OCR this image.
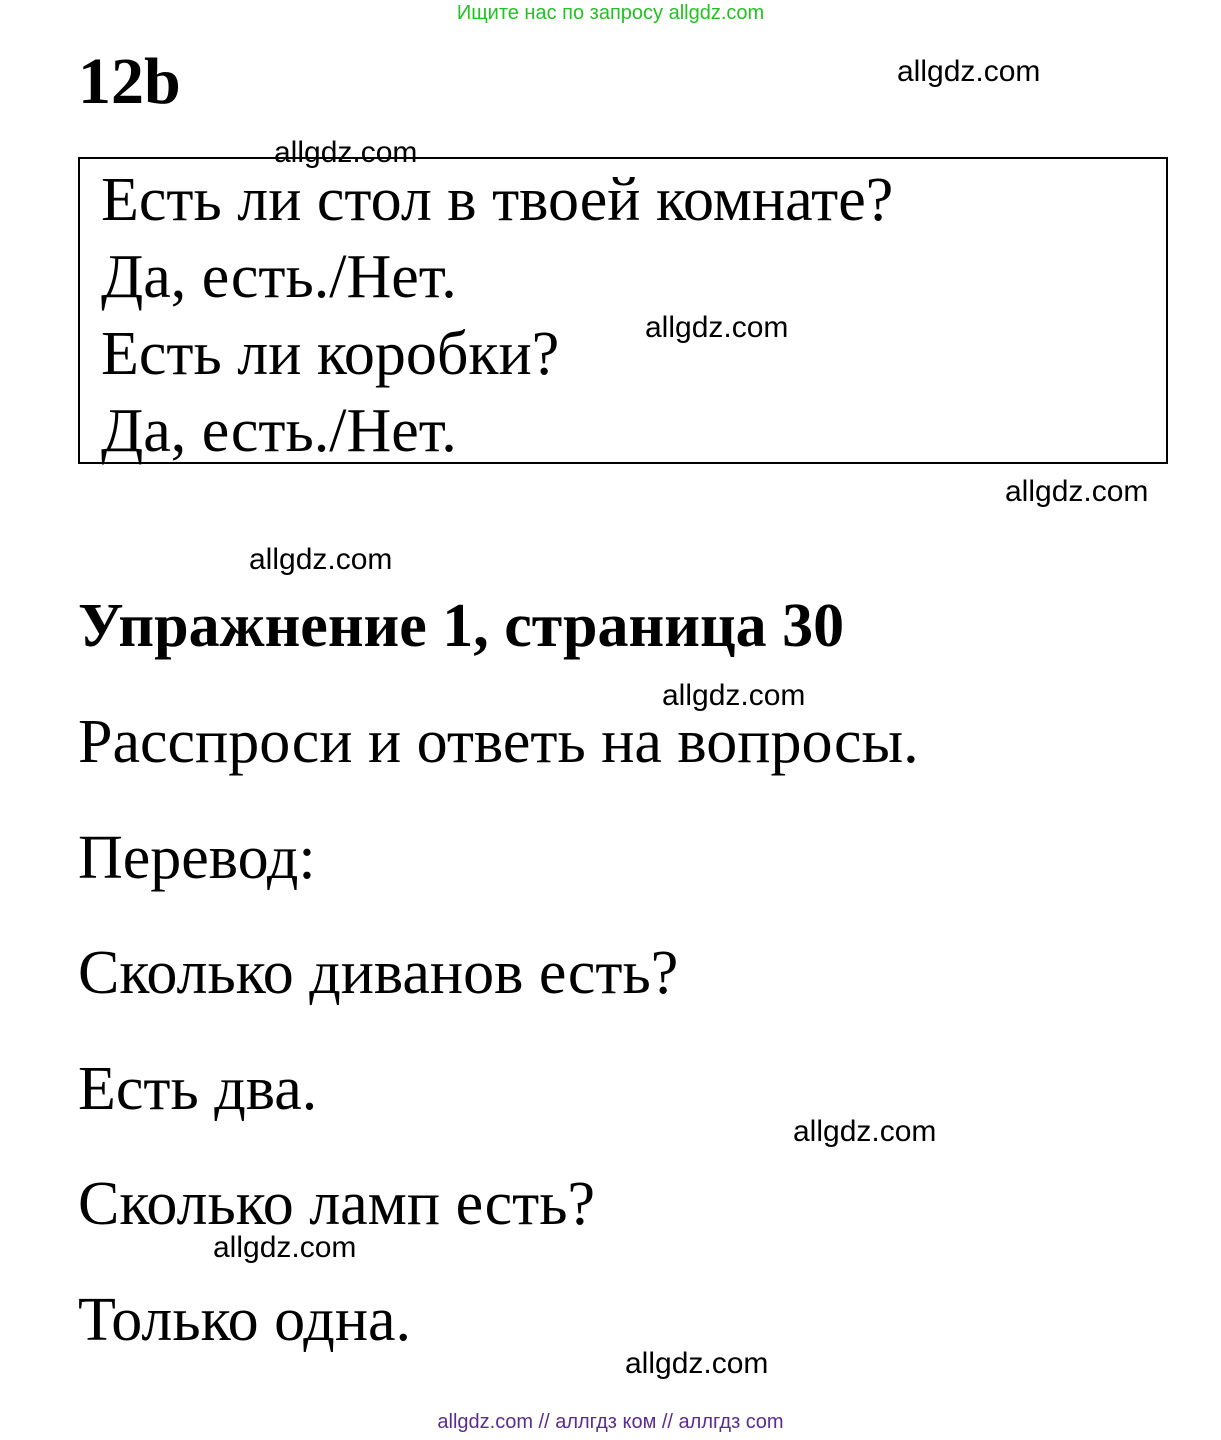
Ищите нас по запросу allgdz.com
12b	allgdz.com
allgdz.com
Есть ли стол в твоей комнате?
Да, есть./Нет.
Есть ли коробки?	allgdz.com
Да, есть./Нет.
allgdz.com
allgdz.com
Упражнение 1, страница 30
allgdz.com
Расспроси и ответь на вопросы.
Перевод:
Сколько диванов есть?
Есть два.
allgdz.com
Сколько ламп есть?
allgdz.com
Только одна.
allgdz.com
allgdz.com // аллгдз ком // аллгдз com
